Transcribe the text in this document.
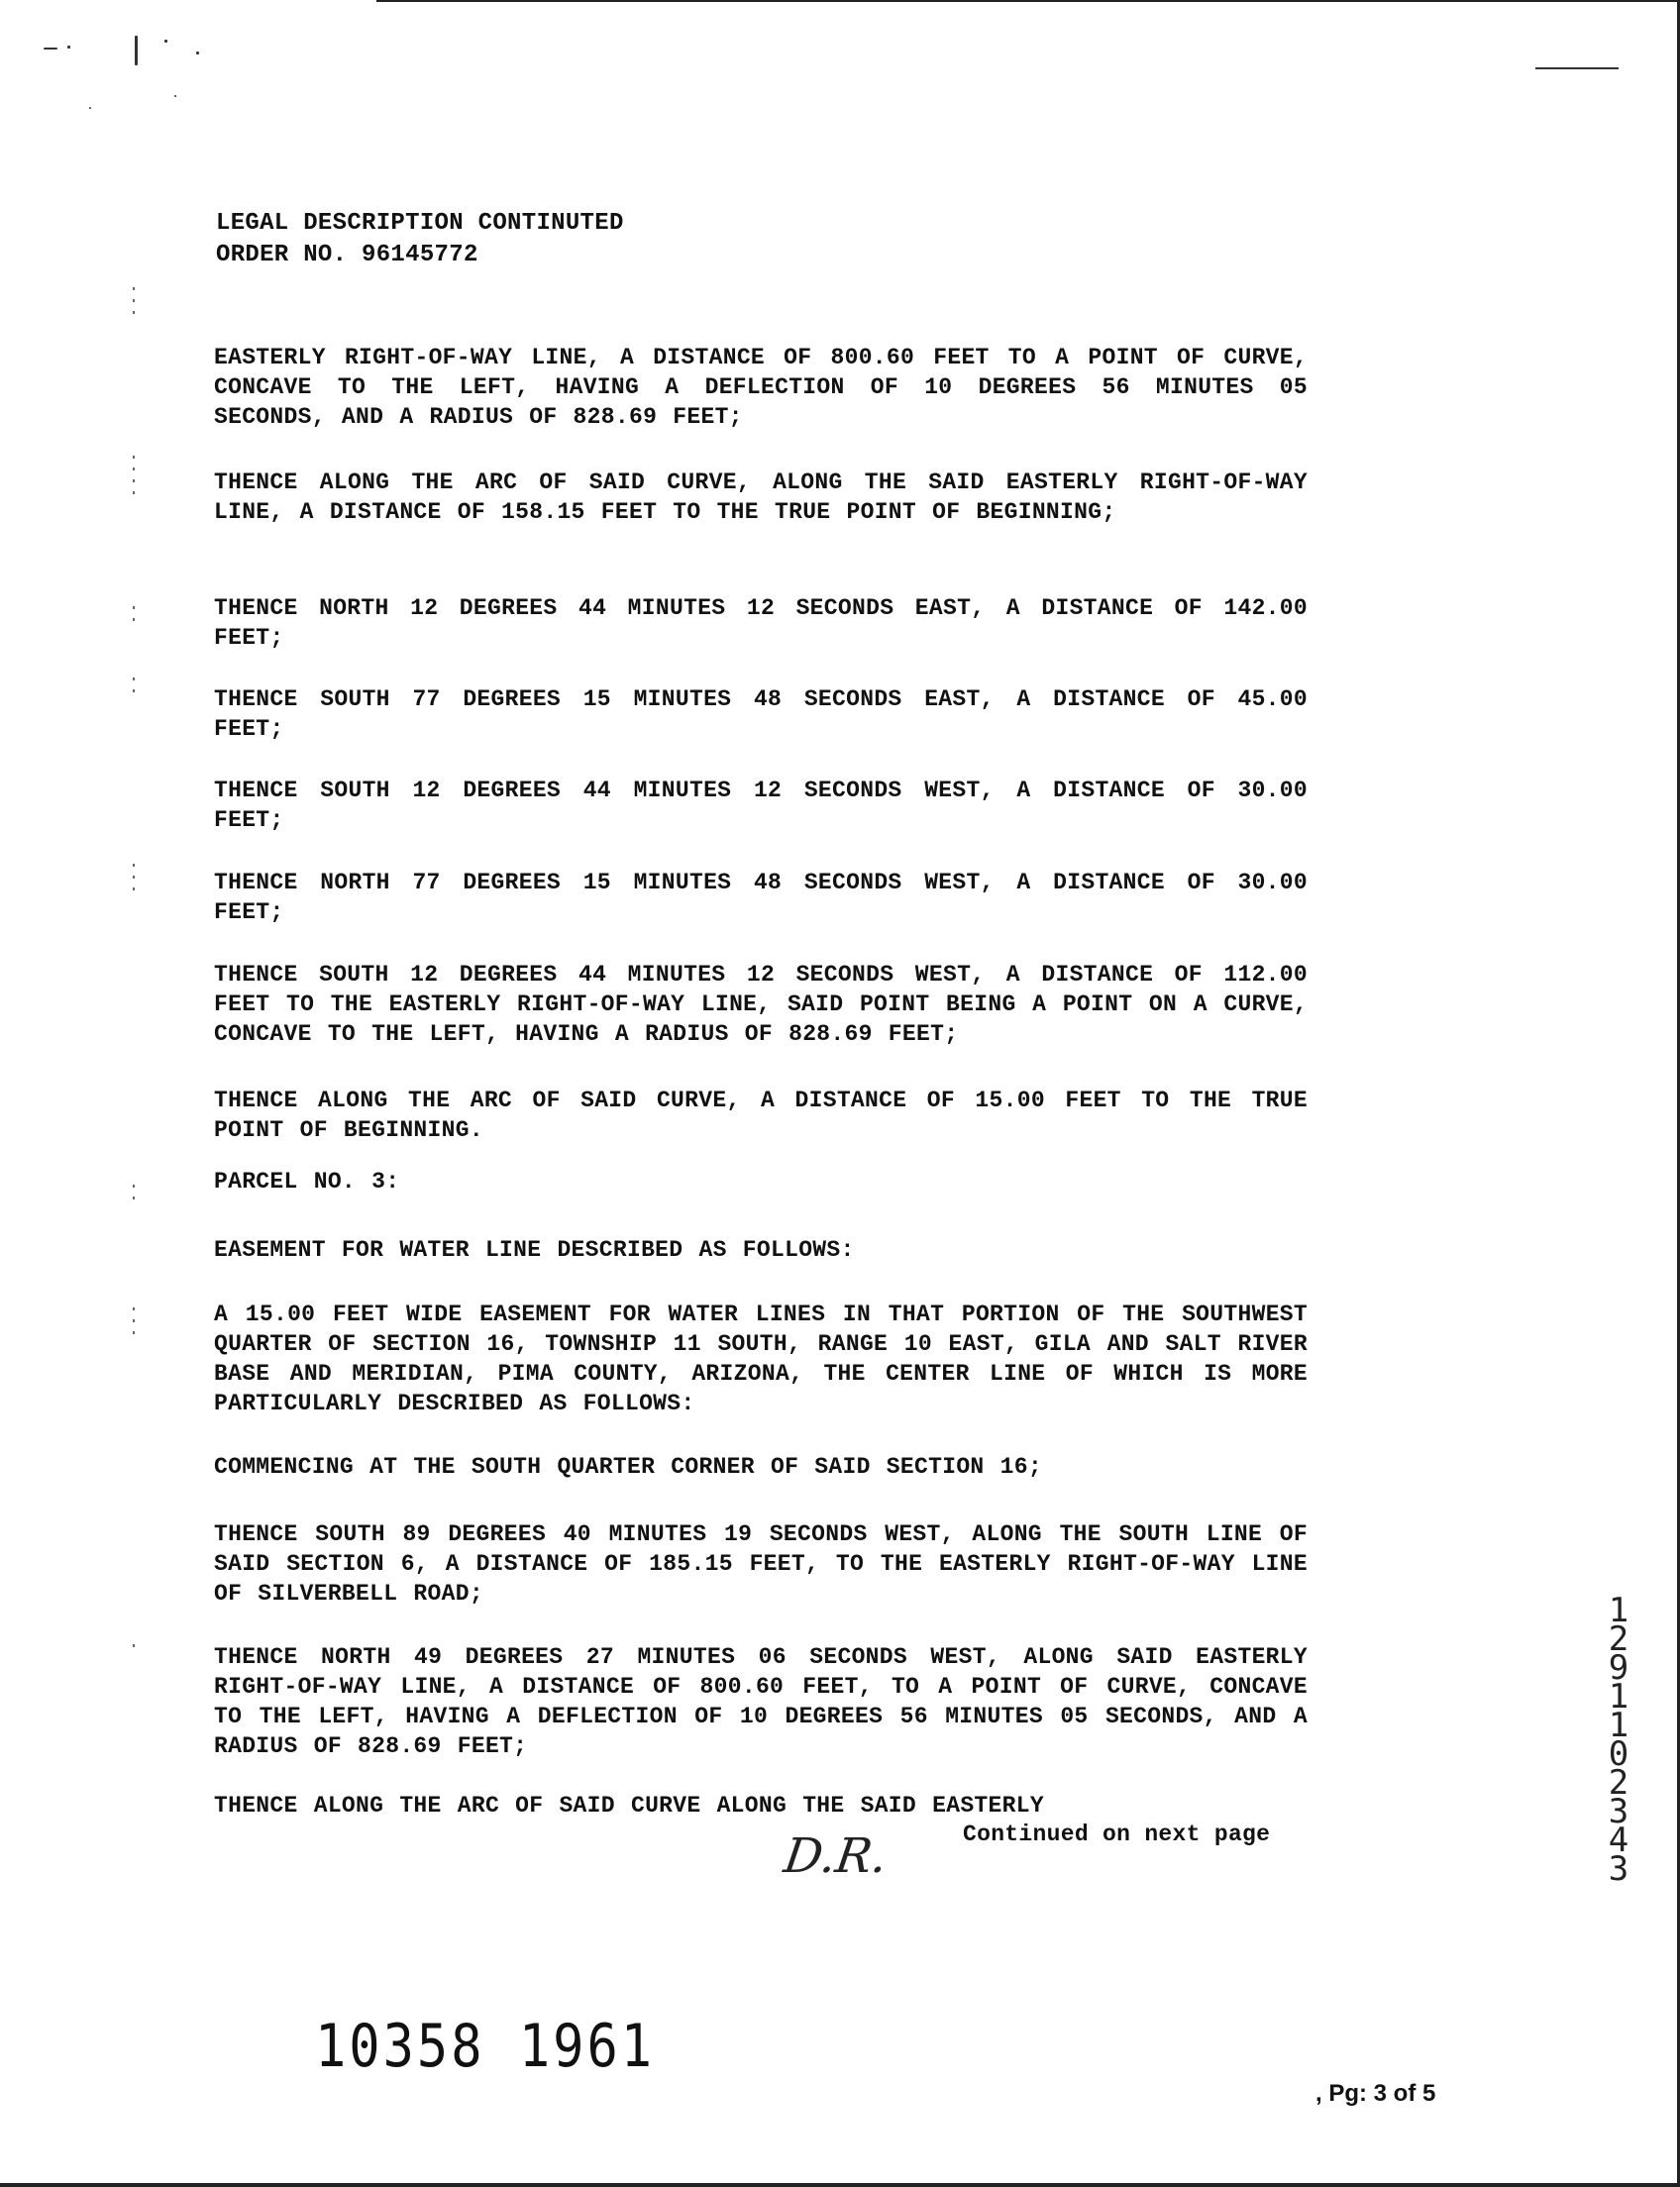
LEGAL DESCRIPTION CONTINUTED
ORDER NO. 96145772
EASTERLY RIGHT-OF-WAY LINE, A DISTANCE OF 800.60 FEET TO A POINT OF CURVE, CONCAVE TO THE LEFT, HAVING A DEFLECTION OF 10 DEGREES 56 MINUTES 05 SECONDS, AND A RADIUS OF 828.69 FEET;
THENCE ALONG THE ARC OF SAID CURVE, ALONG THE SAID EASTERLY RIGHT-OF-WAY LINE, A DISTANCE OF 158.15 FEET TO THE TRUE POINT OF BEGINNING;
THENCE NORTH 12 DEGREES 44 MINUTES 12 SECONDS EAST, A DISTANCE OF 142.00 FEET;
THENCE SOUTH 77 DEGREES 15 MINUTES 48 SECONDS EAST, A DISTANCE OF 45.00 FEET;
THENCE SOUTH 12 DEGREES 44 MINUTES 12 SECONDS WEST, A DISTANCE OF 30.00 FEET;
THENCE NORTH 77 DEGREES 15 MINUTES 48 SECONDS WEST, A DISTANCE OF 30.00 FEET;
THENCE SOUTH 12 DEGREES 44 MINUTES 12 SECONDS WEST, A DISTANCE OF 112.00 FEET TO THE EASTERLY RIGHT-OF-WAY LINE, SAID POINT BEING A POINT ON A CURVE, CONCAVE TO THE LEFT, HAVING A RADIUS OF 828.69 FEET;
THENCE ALONG THE ARC OF SAID CURVE, A DISTANCE OF 15.00 FEET TO THE TRUE POINT OF BEGINNING.
PARCEL NO. 3:
EASEMENT FOR WATER LINE DESCRIBED AS FOLLOWS:
A 15.00 FEET WIDE EASEMENT FOR WATER LINES IN THAT PORTION OF THE SOUTHWEST QUARTER OF SECTION 16, TOWNSHIP 11 SOUTH, RANGE 10 EAST, GILA AND SALT RIVER BASE AND MERIDIAN, PIMA COUNTY, ARIZONA, THE CENTER LINE OF WHICH IS MORE PARTICULARLY DESCRIBED AS FOLLOWS:
COMMENCING AT THE SOUTH QUARTER CORNER OF SAID SECTION 16;
THENCE SOUTH 89 DEGREES 40 MINUTES 19 SECONDS WEST, ALONG THE SOUTH LINE OF SAID SECTION 6, A DISTANCE OF 185.15 FEET, TO THE EASTERLY RIGHT-OF-WAY LINE OF SILVERBELL ROAD;
THENCE NORTH 49 DEGREES 27 MINUTES 06 SECONDS WEST, ALONG SAID EASTERLY RIGHT-OF-WAY LINE, A DISTANCE OF 800.60 FEET, TO A POINT OF CURVE, CONCAVE TO THE LEFT, HAVING A DEFLECTION OF 10 DEGREES 56 MINUTES 05 SECONDS, AND A RADIUS OF 828.69 FEET;
THENCE ALONG THE ARC OF SAID CURVE ALONG THE SAID EASTERLY
D.R.	Continued on next page
12911 02343
10358 1961
, Pg: 3 of 5
